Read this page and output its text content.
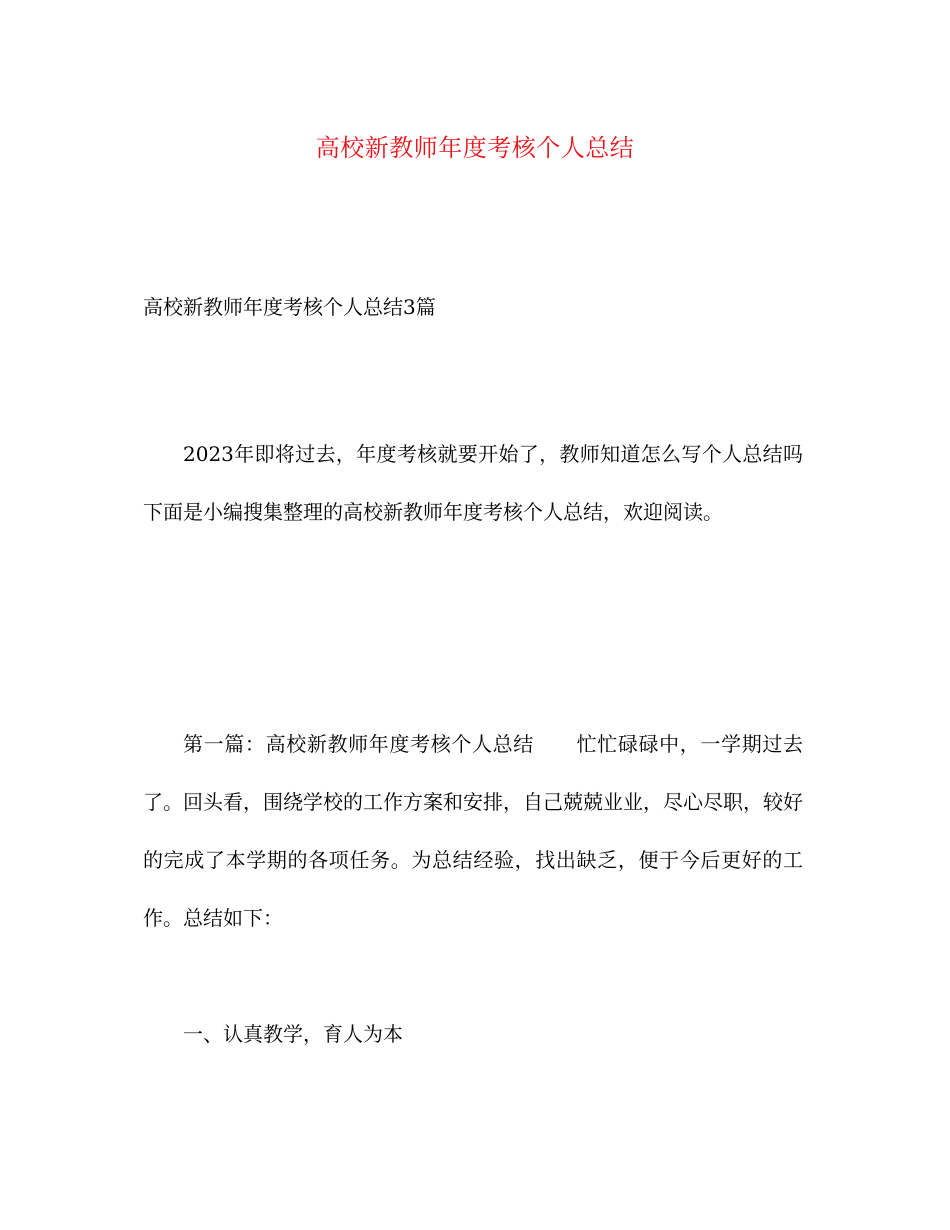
高校新教师年度考核个人总结
高校新教师年度考核个人总结3篇

2023年即将过去，年度考核就要开始了，教师知道怎么写个人总结吗下面是小编搜集整理的高校新教师年度考核个人总结，欢迎阅读。

第一篇：高校新教师年度考核个人总结 忙忙碌碌中，一学期过去了。回头看，围绕学校的工作方案和安排，自己兢兢业业，尽心尽职，较好的完成了本学期的各项任务。为总结经验，找出缺乏，便于今后更好的工作。总结如下：

一、认真教学，育人为本
